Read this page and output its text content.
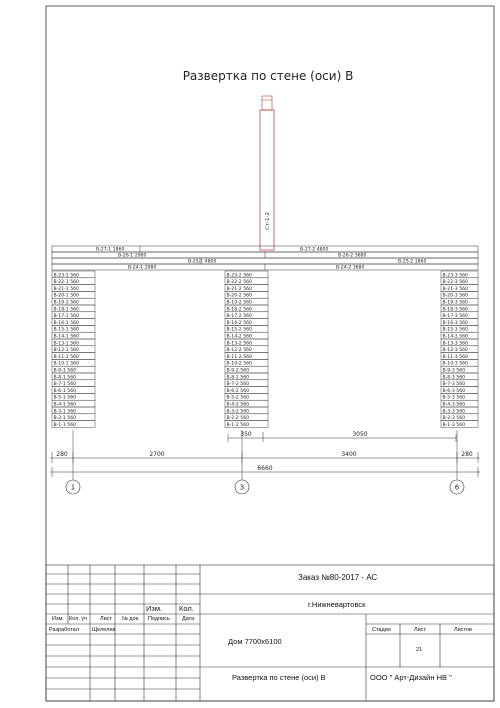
Развертка по стене (оси) В
Ст-1-2
В-27-1 1860	В-27-2 4800
В-26-1 2980	В-26-2 3680
В-25-1 4800	В-25-2 1860
В-24-1 2980	В-24-2 3680
В-23-1 560
В-22-1 560
В-21-1 560
В-20-1 560
В-19-1 560
В-18-1 560
В-17-1 560
В-16-1 560
В-15-1 560
В-14-1 560
В-13-1 560
В-12-1 560
В-11-1 560
В-10-1 560
В-9-1 560
В-8-1 560
В-7-1 560
В-6-1 560
В-5-1 560
В-4-1 560
В-3-1 560
В-2-1 560
В-1-1 560
В-23-2 560
В-22-2 560
В-21-2 560
В-20-2 560
В-19-2 560
В-18-2 560
В-17-2 560
В-16-2 560
В-15-2 560
В-14-2 560
В-13-2 560
В-12-2 560
В-11-2 560
В-10-2 560
В-9-2 560
В-8-2 560
В-7-2 560
В-6-2 560
В-5-2 560
В-4-2 560
В-3-2 560
В-2-2 560
В-1-2 560
В-23-3 560
В-22-3 560
В-21-3 560
В-20-3 560
В-19-3 560
В-18-3 560
В-17-3 560
В-16-3 560
В-15-3 560
В-14-3 560
В-13-3 560
В-12-3 560
В-11-3 560
В-10-3 560
В-9-3 560
В-8-3 560
В-7-3 560
В-6-3 560
В-5-3 560
В-4-3 560
В-3-3 560
В-2-3 560
В-1-3 560
350	3050
280	2700	3400	280
6660
1	3	6
Заказ №80-2017 - АС
г.Нижневартовск
Дом 7700х6100
Развертка по стене (оси) В	ООО " Арт-Дизайн НВ "
Изм. Кол.
Изм. Кол. уч Лист № док. Подпись Дата
Разработал Щелелев	Стадия	Лист	Листов
21
